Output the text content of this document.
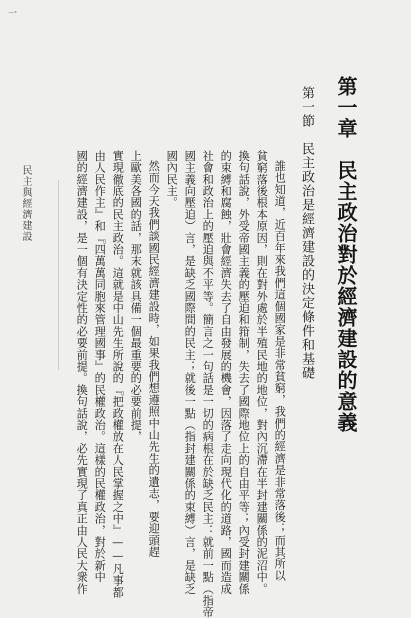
一
民主與經濟建設	國的經濟建設，是一個有決定性的必要前提。換句話說，必先實現了真正由人民大衆作 由人民作主』和『四萬萬同胞來管理國事』的民權政治。這樣的民權政治，對於新中 實現徹底的民主政治。這就是中山先生所說的『把政權放在人民掌握之中』——凡事都 上歐美各國的話，那末就該具備一個最重要的必要前提， 然而今天我們談國民經濟建設時，如果我們想遵照中山先生的遺志，要迎頭趕 國內民主。 國主義向壓迫）言，是缺乏國際間的民主；就後一點（指封建關係的束縛）言，是缺乏 社會和政治上的壓迫與不平等。簡言之一句話是一切的病根在於缺乏民主：就前一點（指帝 的束縛和腐蝕，壯會經濟失去了自由發展的機會，因落了走向現代化的道路，國而造成 換句話說，外受帝國主義的壓迫和箝制，失去了國際地位上的自由平等；內受封建關係 貧窮落後根本原因，則在對外處於半殖民地的地位，對內沉滯在半封建關係的泥沼中。 誰也知道，近百年來我們這個國家是非常貧窮，我們的經濟是非常落後；而其所以 第一節　民主政治是經濟建設的決定條件和基礎 第一章　民主政治對於經濟建設的意義
